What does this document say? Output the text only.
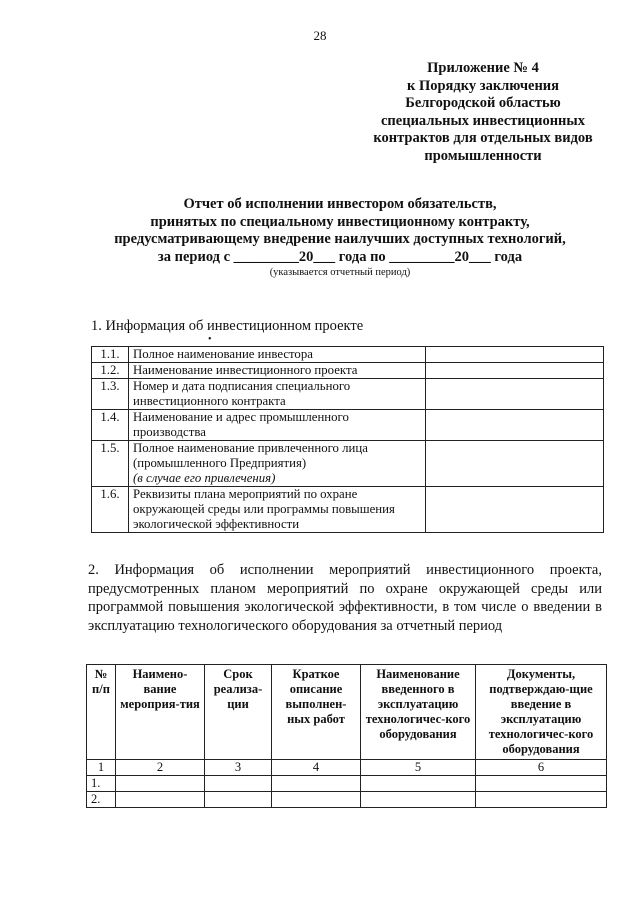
28
Приложение № 4
к Порядку заключения
Белгородской областью
специальных инвестиционных
контрактов для отдельных видов
промышленности
Отчет об исполнении инвестором обязательств,
принятых по специальному инвестиционному контракту,
предусматривающему внедрение наилучших доступных технологий,
за период с _________20___ года по _________20___ года
(указывается отчетный период)
1. Информация об инвестиционном проекте
•
1.1.	Полное наименование инвестора	
1.2.	Наименование инвестиционного проекта	
1.3.	Номер и дата подписания специального инвестиционного контракта	
1.4.	Наименование и адрес промышленного производства	
1.5.	Полное наименование привлеченного лица (промышленного Предприятия)
(в случае его привлечения)	
1.6.	Реквизиты плана мероприятий по охране окружающей среды или программы повышения экологической эффективности	
2. Информация об исполнении мероприятий инвестиционного проекта, предусмотренных планом мероприятий по охране окружающей среды или программой повышения экологической эффективности, в том числе о введении в эксплуатацию технологического оборудования за отчетный период
№ п/п	Наимено-вание мероприя-тия	Срок реализа-ции	Краткое описание выполнен-ных работ	Наименование введенного в эксплуатацию технологичес-кого оборудования	Документы, подтверждаю-щие введение в эксплуатацию технологичес-кого оборудования
1	2	3	4	5	6
1.					
2.					
